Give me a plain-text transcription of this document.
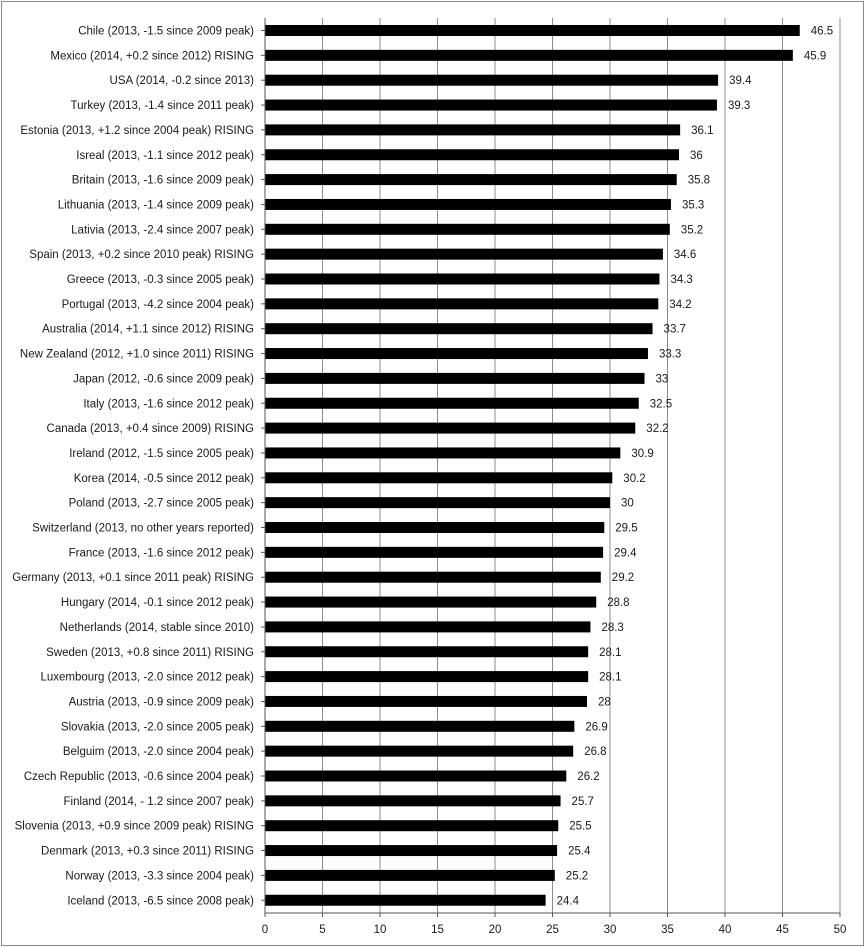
0	5	10	15	20	25	30	35	40	45	50
Chile (2013, -1.5 since 2009 peak)	46.5
Mexico (2014, +0.2 since 2012) RISING	45.9
USA (2014, -0.2 since 2013)	39.4
Turkey (2013, -1.4 since 2011 peak)	39.3
Estonia (2013, +1.2 since 2004 peak) RISING	36.1
Isreal (2013, -1.1 since 2012 peak)	36
Britain (2013, -1.6 since 2009 peak)	35.8
Lithuania (2013, -1.4 since 2009 peak)	35.3
Lativia (2013, -2.4 since 2007 peak)	35.2
Spain (2013, +0.2 since 2010 peak) RISING	34.6
Greece (2013, -0.3 since 2005 peak)	34.3
Portugal (2013, -4.2 since 2004 peak)	34.2
Australia (2014, +1.1 since 2012) RISING	33.7
New Zealand (2012, +1.0 since 2011) RISING	33.3
Japan (2012, -0.6 since 2009 peak)	33
Italy (2013, -1.6 since 2012 peak)	32.5
Canada (2013, +0.4 since 2009) RISING	32.2
Ireland (2012, -1.5 since 2005 peak)	30.9
Korea (2014, -0.5 since 2012 peak)	30.2
Poland (2013, -2.7 since 2005 peak)	30
Switzerland (2013, no other years reported)	29.5
France (2013, -1.6 since 2012 peak)	29.4
Germany (2013, +0.1 since 2011 peak) RISING	29.2
Hungary (2014, -0.1 since 2012 peak)	28.8
Netherlands (2014, stable since 2010)	28.3
Sweden (2013, +0.8 since 2011) RISING	28.1
Luxembourg (2013, -2.0 since 2012 peak)	28.1
Austria (2013, -0.9 since 2009 peak)	28
Slovakia (2013, -2.0 since 2005 peak)	26.9
Belguim (2013, -2.0 since 2004 peak)	26.8
Czech Republic (2013, -0.6 since 2004 peak)	26.2
Finland (2014, - 1.2 since 2007 peak)	25.7
Slovenia (2013, +0.9 since 2009 peak) RISING	25.5
Denmark (2013, +0.3 since 2011) RISING	25.4
Norway (2013, -3.3 since 2004 peak)	25.2
Iceland (2013, -6.5 since 2008 peak)	24.4
